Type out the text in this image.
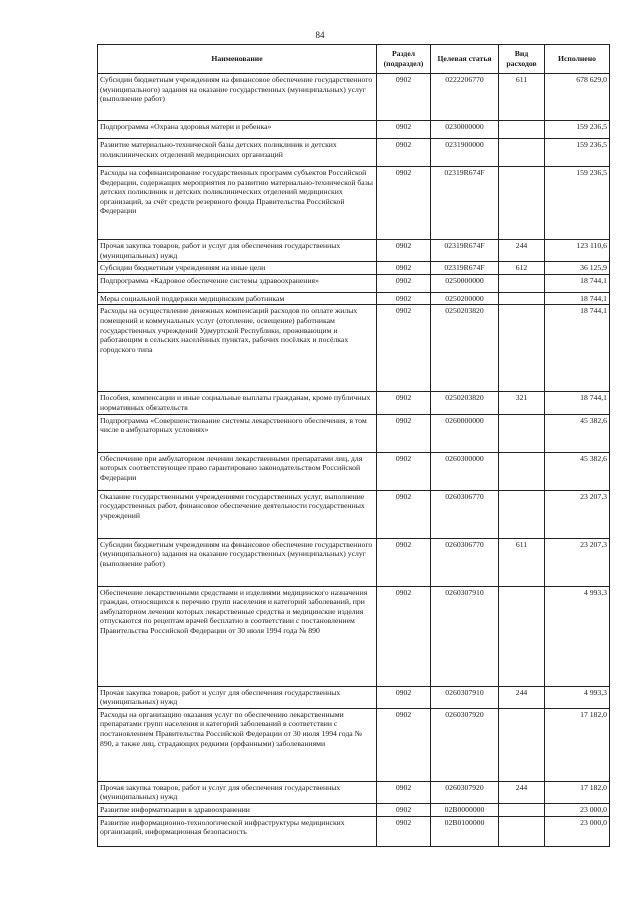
84
Наименование	Раздел (подраздел)	Целевая статья	Вид расходов	Исполнено
Субсидии бюджетным учреждениям на финансовое обеспечение государственного (муниципального) задания на оказание государственных (муниципальных) услуг (выполнение работ)	0902	0222206770	611	678 629,0
Подпрограмма «Охрана здоровья матери и ребенка»	0902	0230000000		159 236,5
Развитие материально-технической базы детских поликлиник и детских поликлинических отделений медицинских организаций	0902	0231900000		159 236,5
Расходы на софинансирование государственных программ субъектов Российской Федерации, содержащих мероприятия по развитию материально-технической базы детских поликлиник и детских поликлинических отделений медицинских организаций, за счёт средств резервного фонда Правительства Российской Федерации	0902	02319R674F		159 236,5
Прочая закупка товаров, работ и услуг для обеспечения государственных (муниципальных) нужд	0902	02319R674F	244	123 110,6
Субсидии бюджетным учреждениям на иные цели	0902	02319R674F	612	36 125,9
Подпрограмма «Кадровое обеспечение системы здравоохранения»	0902	0250000000		18 744,1
Меры социальной поддержки медицинским работникам	0902	0250200000		18 744,1
Расходы на осуществление денежных компенсаций расходов по оплате жилых помещений и коммунальных услуг (отопление, освещение) работникам государственных учреждений Удмуртской Республики, проживающим и работающим в сельских населённых пунктах, рабочих посёлках и посёлках городского типа	0902	0250203820		18 744,1
Пособия, компенсации и иные социальные выплаты гражданам, кроме публичных нормативных обязательств	0902	0250203820	321	18 744,1
Подпрограмма «Совершенствование системы лекарственного обеспечения, в том числе в амбулаторных условиях»	0902	0260000000		45 382,6
Обеспечение при амбулаторном лечении лекарственными препаратами лиц, для которых соответствующее право гарантировано законодательством Российской Федерации	0902	0260300000		45 382,6
Оказание государственными учреждениями государственных услуг, выполнение государственных работ, финансовое обеспечение деятельности государственных учреждений	0902	0260306770		23 207,3
Субсидии бюджетным учреждениям на финансовое обеспечение государственного (муниципального) задания на оказание государственных (муниципальных) услуг (выполнение работ)	0902	0260306770	611	23 207,3
Обеспечение лекарственными средствами и изделиями медицинского назначения граждан, относящихся к перечню групп населения и категорий заболеваний, при амбулаторном лечении которых лекарственные средства и медицинские изделия отпускаются по рецептам врачей бесплатно в соответствии с постановлением Правительства Российской Федерации от 30 июля 1994 года № 890	0902	0260307910		4 993,3
Прочая закупка товаров, работ и услуг для обеспечения государственных (муниципальных) нужд	0902	0260307910	244	4 993,3
Расходы на организацию оказания услуг по обеспечению лекарственными препаратами групп населения и категорий заболеваний в соответствии с постановлением Правительства Российской Федерации от 30 июля 1994 года № 890, а также лиц, страдающих редкими (орфанными) заболеваниями	0902	0260307920		17 182,0
Прочая закупка товаров, работ и услуг для обеспечения государственных (муниципальных) нужд	0902	0260307920	244	17 182,0
Развитие информатизации в здравоохранении	0902	02В0000000		23 000,0
Развитие информационно-технологической инфраструктуры медицинских организаций, информационная безопасность	0902	02В0100000		23 000,0
